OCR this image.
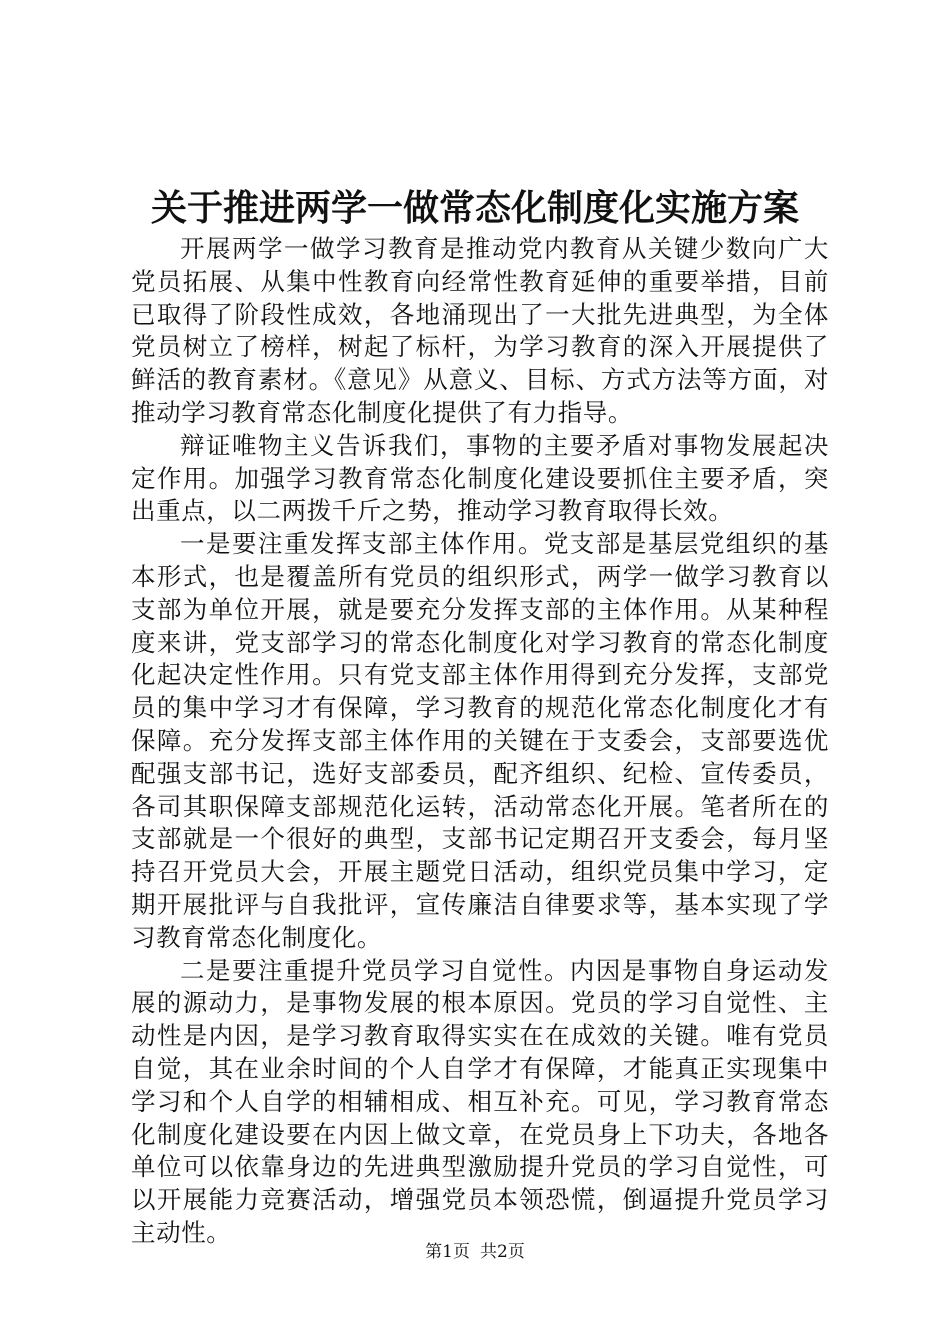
关于推进两学一做常态化制度化实施方案

开展两学一做学习教育是推动党内教育从关键少数向广大党员拓展、从集中性教育向经常性教育延伸的重要举措，目前已取得了阶段性成效，各地涌现出了一大批先进典型，为全体党员树立了榜样，树起了标杆，为学习教育的深入开展提供了鲜活的教育素材。《意见》从意义、目标、方式方法等方面，对推动学习教育常态化制度化提供了有力指导。

辩证唯物主义告诉我们，事物的主要矛盾对事物发展起决定作用。加强学习教育常态化制度化建设要抓住主要矛盾，突出重点，以二两拨千斤之势，推动学习教育取得长效。

一是要注重发挥支部主体作用。党支部是基层党组织的基本形式，也是覆盖所有党员的组织形式，两学一做学习教育以支部为单位开展，就是要充分发挥支部的主体作用。从某种程度来讲，党支部学习的常态化制度化对学习教育的常态化制度化起决定性作用。只有党支部主体作用得到充分发挥，支部党员的集中学习才有保障，学习教育的规范化常态化制度化才有保障。充分发挥支部主体作用的关键在于支委会，支部要选优配强支部书记，选好支部委员，配齐组织、纪检、宣传委员，各司其职保障支部规范化运转，活动常态化开展。笔者所在的支部就是一个很好的典型，支部书记定期召开支委会，每月坚持召开党员大会，开展主题党日活动，组织党员集中学习，定期开展批评与自我批评，宣传廉洁自律要求等，基本实现了学习教育常态化制度化。

二是要注重提升党员学习自觉性。内因是事物自身运动发展的源动力，是事物发展的根本原因。党员的学习自觉性、主动性是内因，是学习教育取得实实在在成效的关键。唯有党员自觉，其在业余时间的个人自学才有保障，才能真正实现集中学习和个人自学的相辅相成、相互补充。可见，学习教育常态化制度化建设要在内因上做文章，在党员身上下功夫，各地各单位可以依靠身边的先进典型激励提升党员的学习自觉性，可以开展能力竞赛活动，增强党员本领恐慌，倒逼提升党员学习主动性。

第1页 共2页
